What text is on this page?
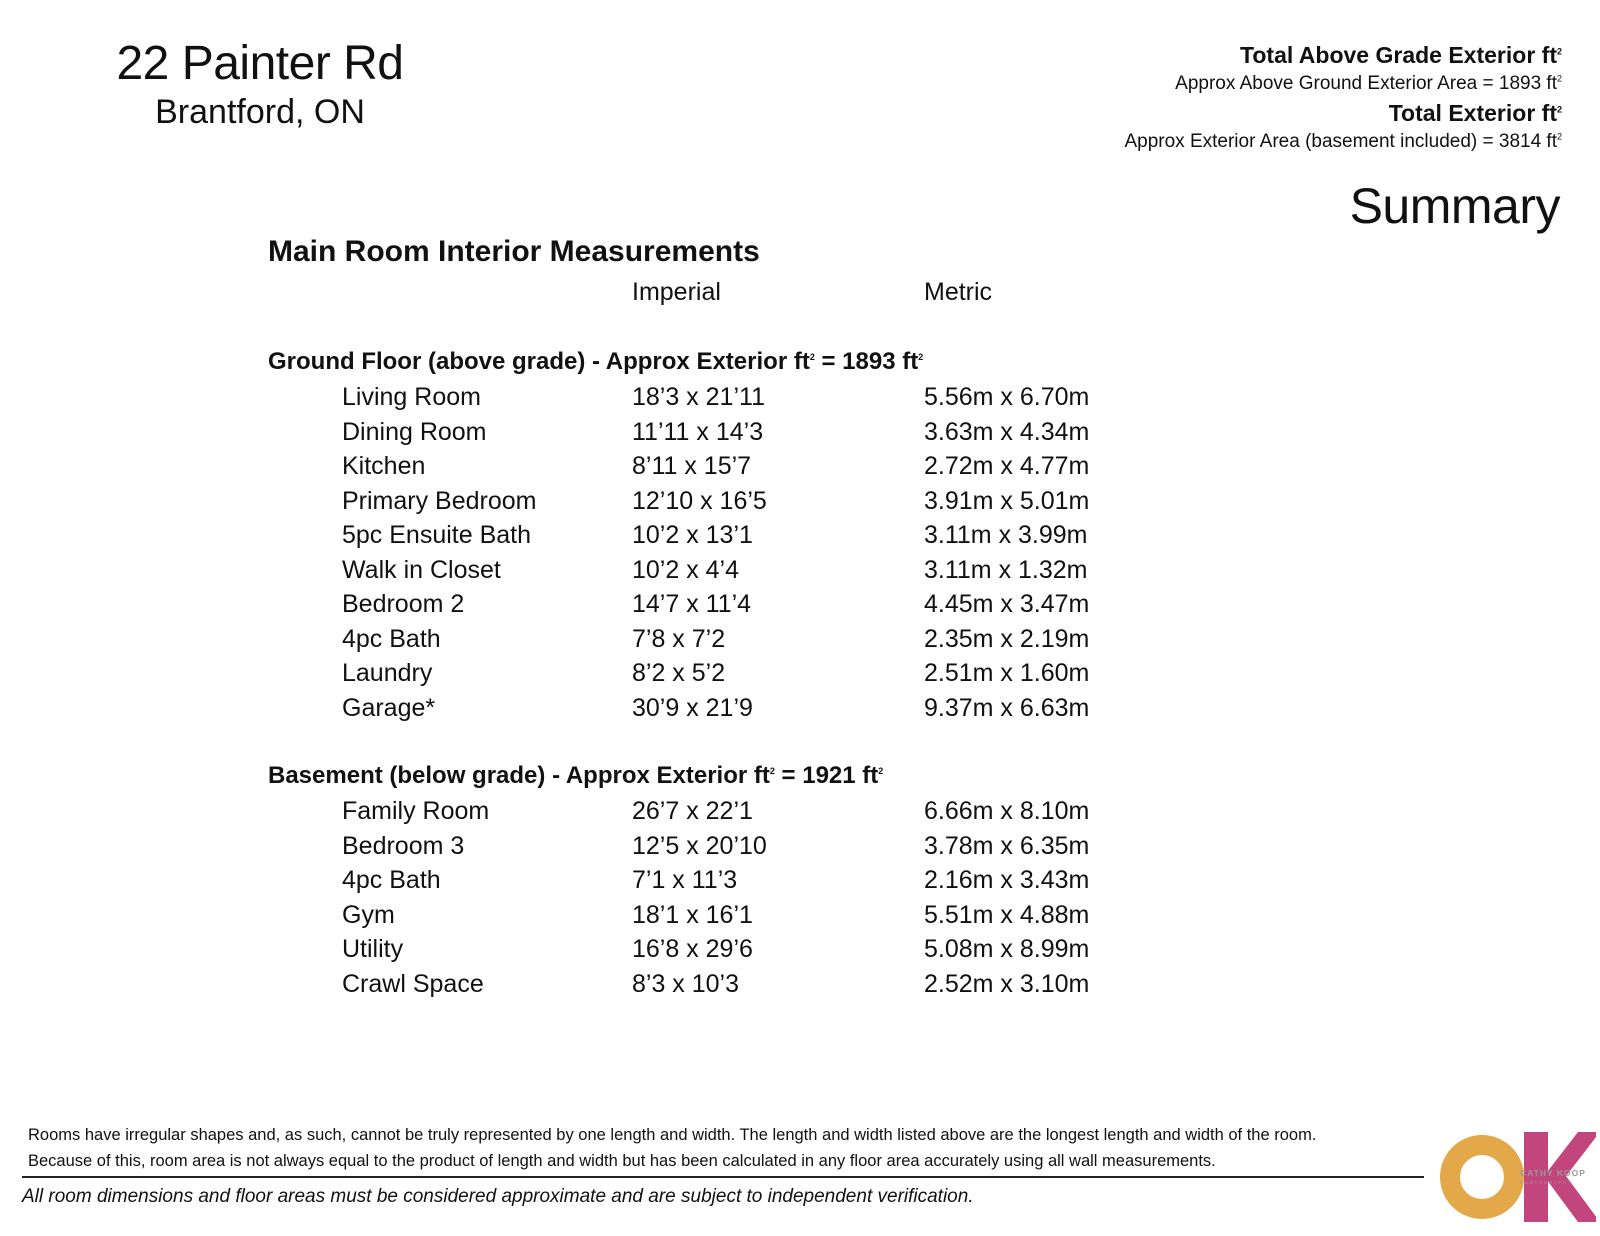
22 Painter Rd
Brantford, ON
Total Above Grade Exterior $ft^2$
Approx Above Ground Exterior Area = 1893 $ft^2$
Total Exterior $ft^2$
Approx Exterior Area (basement included) = 3814 $ft^2$
Summary
Main Room Interior Measurements
Imperial	Metric
Ground Floor (above grade) - Approx Exterior $ft^2 = 1893$ $ft^2$
Living Room	18’3 x 21’11	5.56m x 6.70m
Dining Room	11’11 x 14’3	3.63m x 4.34m
Kitchen	8’11 x 15’7	2.72m x 4.77m
Primary Bedroom	12’10 x 16’5	3.91m x 5.01m
5pc Ensuite Bath	10’2 x 13’1	3.11m x 3.99m
Walk in Closet	10’2 x 4’4	3.11m x 1.32m
Bedroom 2	14’7 x 11’4	4.45m x 3.47m
4pc Bath	7’8 x 7’2	2.35m x 2.19m
Laundry	8’2 x 5’2	2.51m x 1.60m
Garage*	30’9 x 21’9	9.37m x 6.63m
Basement (below grade) - Approx Exterior $ft^2 = 1921$ $ft^2$
Family Room	26’7 x 22’1	6.66m x 8.10m
Bedroom 3	12’5 x 20’10	3.78m x 6.35m
4pc Bath	7’1 x 11’3	2.16m x 3.43m
Gym	18’1 x 16’1	5.51m x 4.88m
Utility	16’8 x 29’6	5.08m x 8.99m
Crawl Space	8’3 x 10’3	2.52m x 3.10m
Rooms have irregular shapes and, as such, cannot be truly represented by one length and width. The length and width listed above are the longest length and width of the room.
Because of this, room area is not always equal to the product of length and width but has been calculated in any floor area accurately using all wall measurements.
All room dimensions and floor areas must be considered approximate and are subject to independent verification.
CATHY KOOP
PHOTOGRAPHY
